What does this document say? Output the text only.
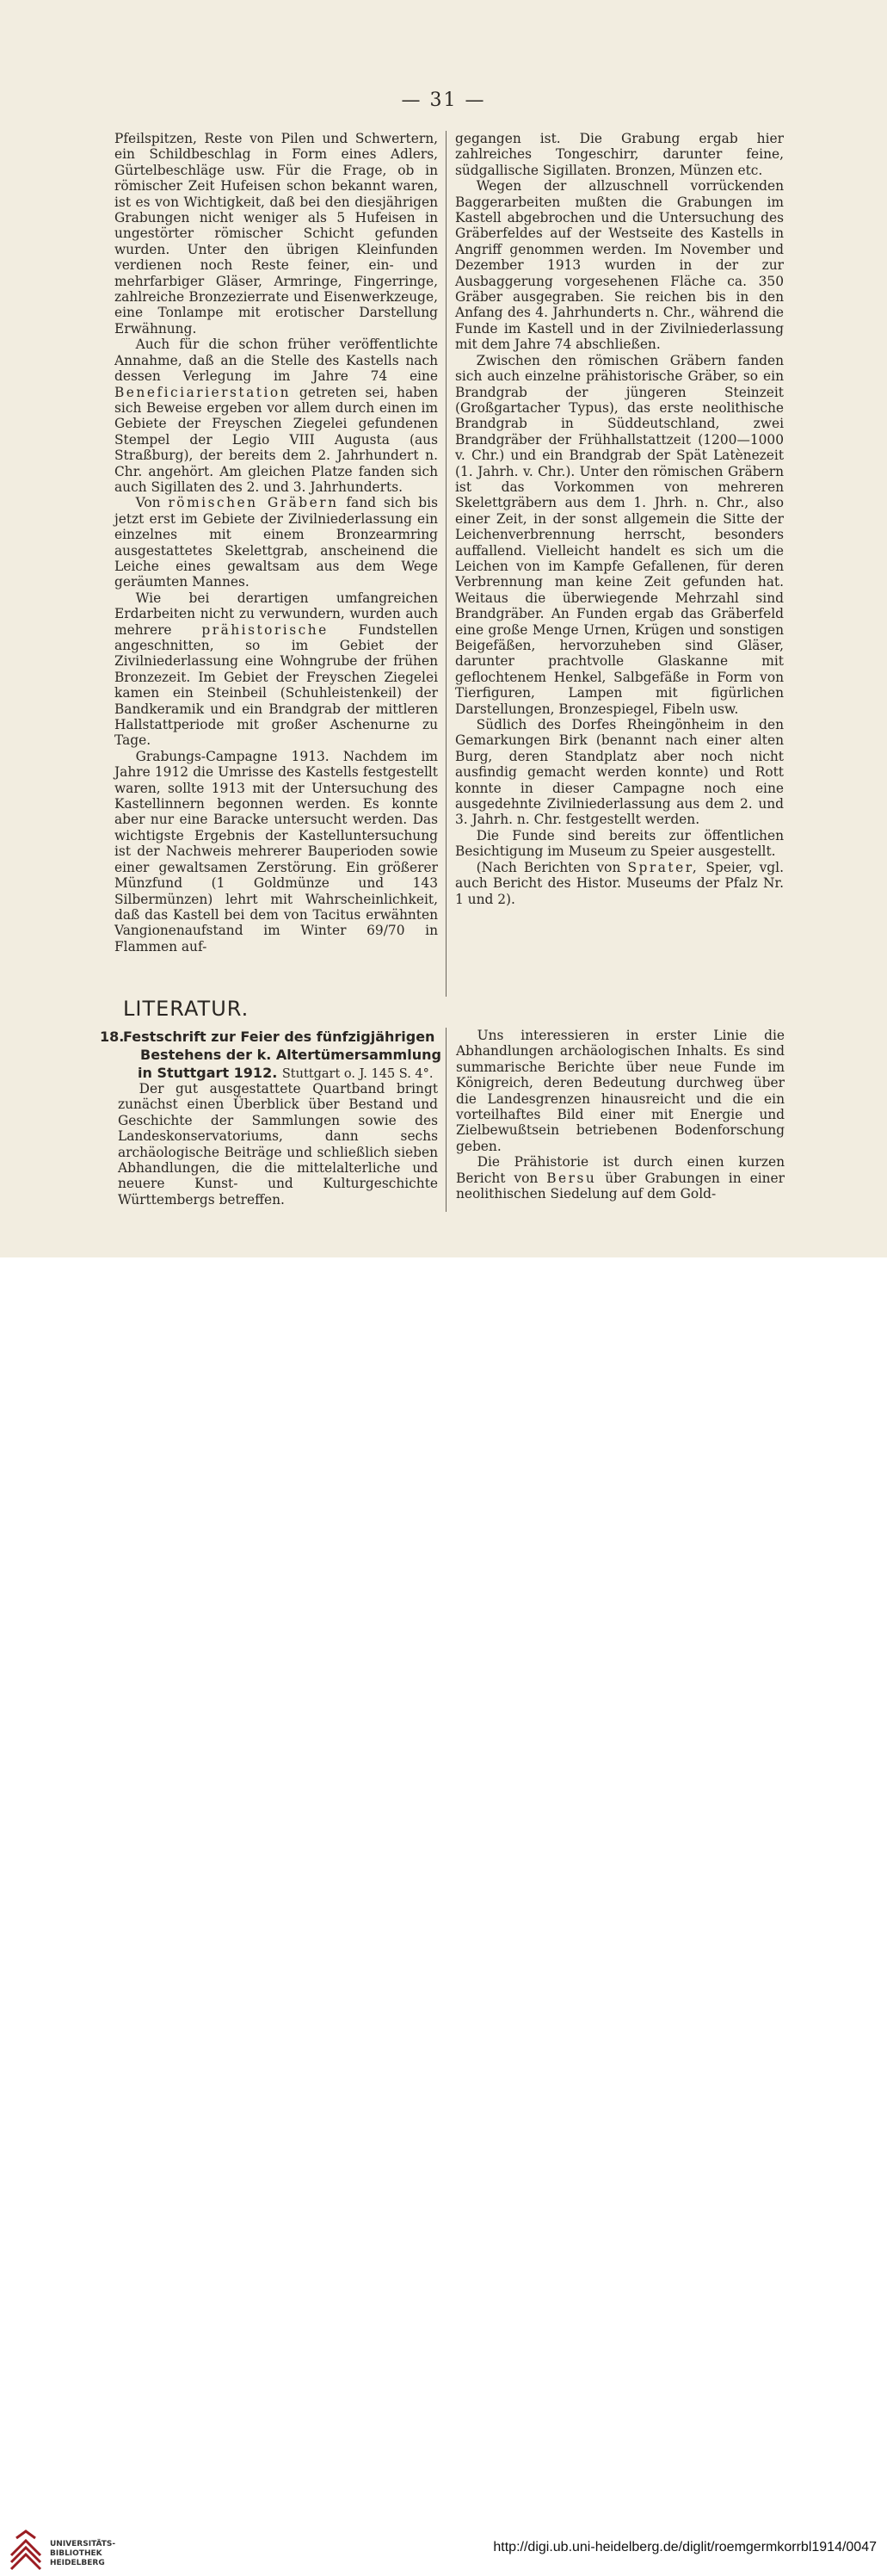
— 31 —

Pfeilspitzen, Reste von Pilen und Schwertern, ein Schildbeschlag in Form eines Adlers, Gürtelbeschläge usw. Für die Frage, ob in römischer Zeit Hufeisen schon bekannt waren, ist es von Wichtigkeit, daß bei den diesjährigen Grabungen nicht weniger als 5 Hufeisen in ungestörter römischer Schicht gefunden wurden. Unter den übrigen Kleinfunden verdienen noch Reste feiner, ein- und mehrfarbiger Gläser, Armringe, Fingerringe, zahlreiche Bronzezierrate und Eisenwerkzeuge, eine Tonlampe mit erotischer Darstellung Erwähnung.

Auch für die schon früher veröffentlichte Annahme, daß an die Stelle des Kastells nach dessen Verlegung im Jahre 74 eine Beneficiarierstation getreten sei, haben sich Beweise ergeben vor allem durch einen im Gebiete der Freyschen Ziegelei gefundenen Stempel der Legio VIII Augusta (aus Straßburg), der bereits dem 2. Jahrhundert n. Chr. angehört. Am gleichen Platze fanden sich auch Sigillaten des 2. und 3. Jahrhunderts.

Von römischen Gräbern fand sich bis jetzt erst im Gebiete der Zivilniederlassung ein einzelnes mit einem Bronzearmring ausgestattetes Skelettgrab, anscheinend die Leiche eines gewaltsam aus dem Wege geräumten Mannes.

Wie bei derartigen umfangreichen Erdarbeiten nicht zu verwundern, wurden auch mehrere prähistorische Fundstellen angeschnitten, so im Gebiet der Zivilniederlassung eine Wohngrube der frühen Bronzezeit. Im Gebiet der Freyschen Ziegelei kamen ein Steinbeil (Schuhleistenkeil) der Bandkeramik und ein Brandgrab der mittleren Hallstattperiode mit großer Aschenurne zu Tage.

Grabungs-Campagne 1913. Nachdem im Jahre 1912 die Umrisse des Kastells festgestellt waren, sollte 1913 mit der Untersuchung des Kastellinnern begonnen werden. Es konnte aber nur eine Baracke untersucht werden. Das wichtigste Ergebnis der Kastelluntersuchung ist der Nachweis mehrerer Bauperioden sowie einer gewaltsamen Zerstörung. Ein größerer Münzfund (1 Goldmünze und 143 Silbermünzen) lehrt mit Wahrscheinlichkeit, daß das Kastell bei dem von Tacitus erwähnten Vangionenaufstand im Winter 69/70 in Flammen auf-

gegangen ist. Die Grabung ergab hier zahlreiches Tongeschirr, darunter feine, südgallische Sigillaten. Bronzen, Münzen etc.

Wegen der allzuschnell vorrückenden Baggerarbeiten mußten die Grabungen im Kastell abgebrochen und die Untersuchung des Gräberfeldes auf der Westseite des Kastells in Angriff genommen werden. Im November und Dezember 1913 wurden in der zur Ausbaggerung vorgesehenen Fläche ca. 350 Gräber ausgegraben. Sie reichen bis in den Anfang des 4. Jahrhunderts n. Chr., während die Funde im Kastell und in der Zivilniederlassung mit dem Jahre 74 abschließen.

Zwischen den römischen Gräbern fanden sich auch einzelne prähistorische Gräber, so ein Brandgrab der jüngeren Steinzeit (Großgartacher Typus), das erste neolithische Brandgrab in Süddeutschland, zwei Brandgräber der Frühhallstattzeit (1200—1000 v. Chr.) und ein Brandgrab der Spät Latènezeit (1. Jahrh. v. Chr.). Unter den römischen Gräbern ist das Vorkommen von mehreren Skelettgräbern aus dem 1. Jhrh. n. Chr., also einer Zeit, in der sonst allgemein die Sitte der Leichenverbrennung herrscht, besonders auffallend. Vielleicht handelt es sich um die Leichen von im Kampfe Gefallenen, für deren Verbrennung man keine Zeit gefunden hat. Weitaus die überwiegende Mehrzahl sind Brandgräber. An Funden ergab das Gräberfeld eine große Menge Urnen, Krügen und sonstigen Beigefäßen, hervorzuheben sind Gläser, darunter prachtvolle Glaskanne mit geflochtenem Henkel, Salbgefäße in Form von Tierfiguren, Lampen mit figürlichen Darstellungen, Bronzespiegel, Fibeln usw.

Südlich des Dorfes Rheingönheim in den Gemarkungen Birk (benannt nach einer alten Burg, deren Standplatz aber noch nicht ausfindig gemacht werden konnte) und Rott konnte in dieser Campagne noch eine ausgedehnte Zivilniederlassung aus dem 2. und 3. Jahrh. n. Chr. festgestellt werden.

Die Funde sind bereits zur öffentlichen Besichtigung im Museum zu Speier ausgestellt.

(Nach Berichten von Sprater, Speier, vgl. auch Bericht des Histor. Museums der Pfalz Nr. 1 und 2).

LITERATUR.
18.
Festschrift zur Feier des fünfzigjährigen
Bestehens der k. Altertümersammlung
in Stuttgart 1912. Stuttgart o. J. 145 S. 4°.

Der gut ausgestattete Quartband bringt zunächst einen Überblick über Bestand und Geschichte der Sammlungen sowie des Landeskonservatoriums, dann sechs archäologische Beiträge und schließlich sieben Abhandlungen, die die mittelalterliche und neuere Kunst- und Kulturgeschichte Württembergs betreffen.

Uns interessieren in erster Linie die Abhandlungen archäologischen Inhalts. Es sind summarische Berichte über neue Funde im Königreich, deren Bedeutung durchweg über die Landesgrenzen hinausreicht und die ein vorteilhaftes Bild einer mit Energie und Zielbewußtsein betriebenen Bodenforschung geben.

Die Prähistorie ist durch einen kurzen Bericht von Bersu über Grabungen in einer neolithischen Siedelung auf dem Gold-

UNIVERSITÄTS-
BIBLIOTHEK
HEIDELBERG
http://digi.ub.uni-heidelberg.de/diglit/roemgermkorrbl1914/0047
